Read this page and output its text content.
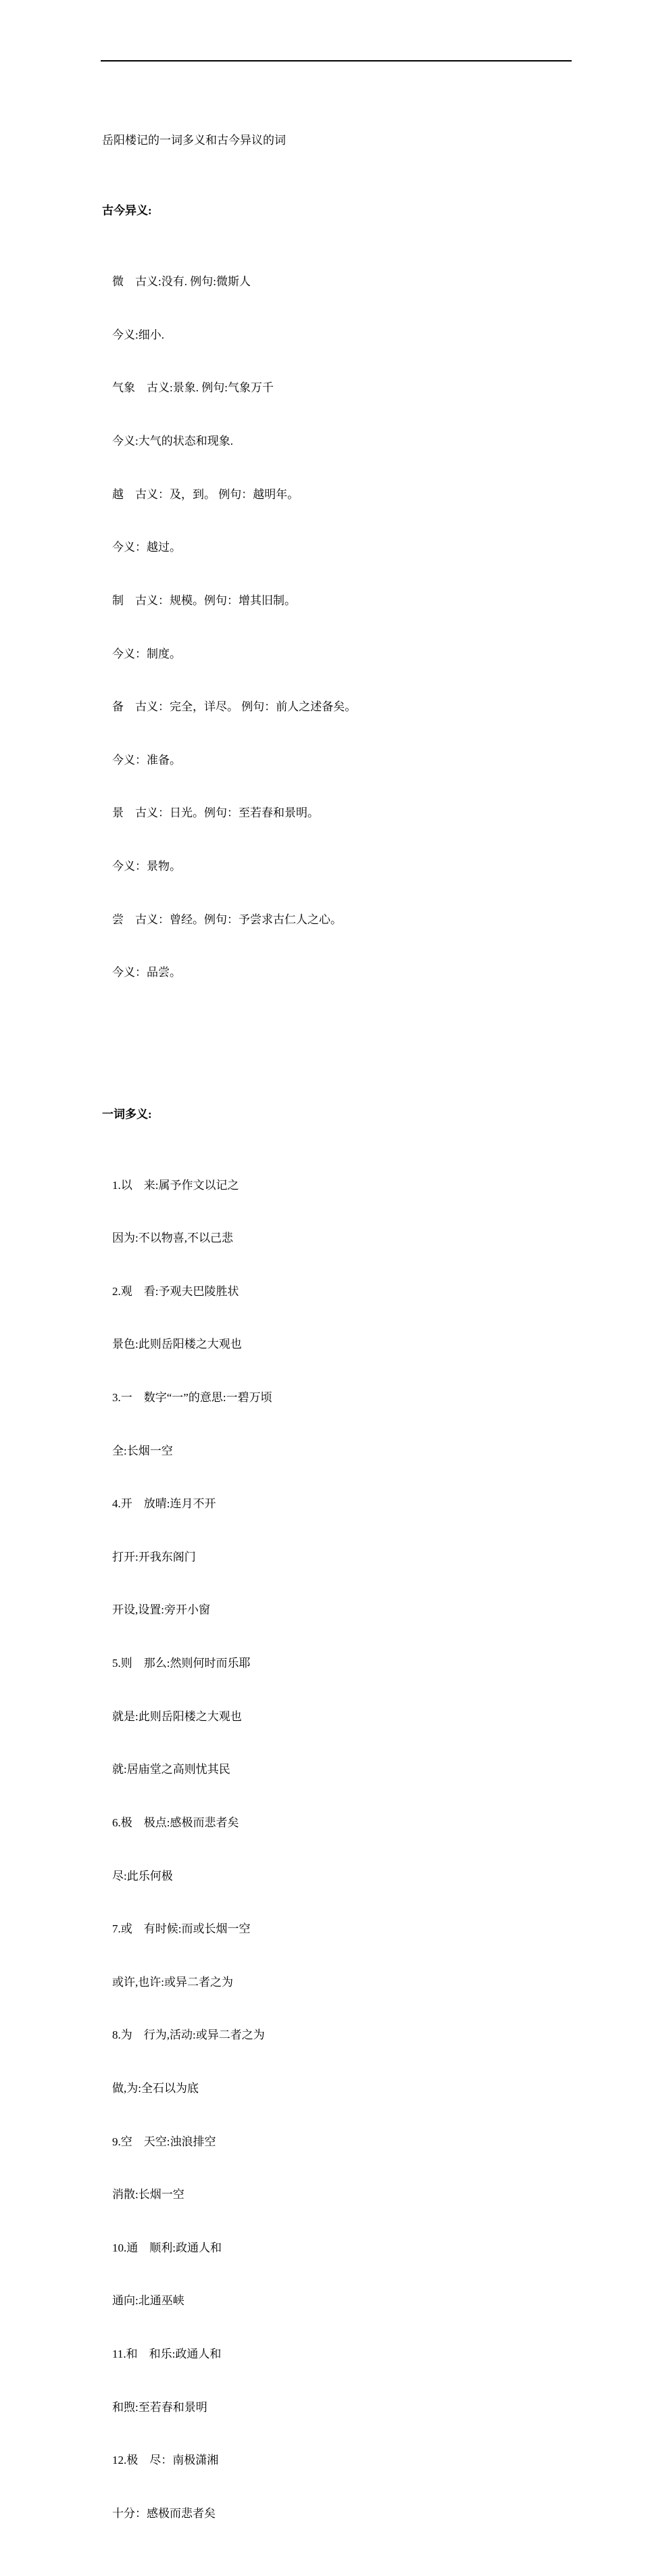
岳阳楼记的一词多义和古今异议的词

古今异义:

微　古义:没有. 例句:微斯人

今义:细小.

气象　古义:景象. 例句:气象万千

今义:大气的状态和现象.

越　古义：及，到。 例句：越明年。

今义：越过。

制　古义：规模。例句：增其旧制。

今义：制度。

备　古义：完全，详尽。 例句：前人之述备矣。

今义：准备。

景　古义：日光。例句：至若春和景明。

今义：景物。

尝　古义：曾经。例句：予尝求古仁人之心。

今义：品尝。

一词多义:

1.以　来:属予作文以记之

因为:不以物喜,不以己悲

2.观　看:予观夫巴陵胜状

景色:此则岳阳楼之大观也

3.一　数字“一”的意思:一碧万顷

全:长烟一空

4.开　放晴:连月不开

打开:开我东阁门

开设,设置:旁开小窗

5.则　那么:然则何时而乐耶

就是:此则岳阳楼之大观也

就:居庙堂之高则忧其民

6.极　极点:感极而悲者矣

尽:此乐何极

7.或　有时候:而或长烟一空

或许,也许:或异二者之为

8.为　行为,活动:或异二者之为

做,为:全石以为底

9.空　天空:浊浪排空

消散:长烟一空

10.通　顺利:政通人和

通向:北通巫峡

11.和　和乐:政通人和

和煦:至若春和景明

12.极　尽：南极潇湘

十分：感极而悲者矣
